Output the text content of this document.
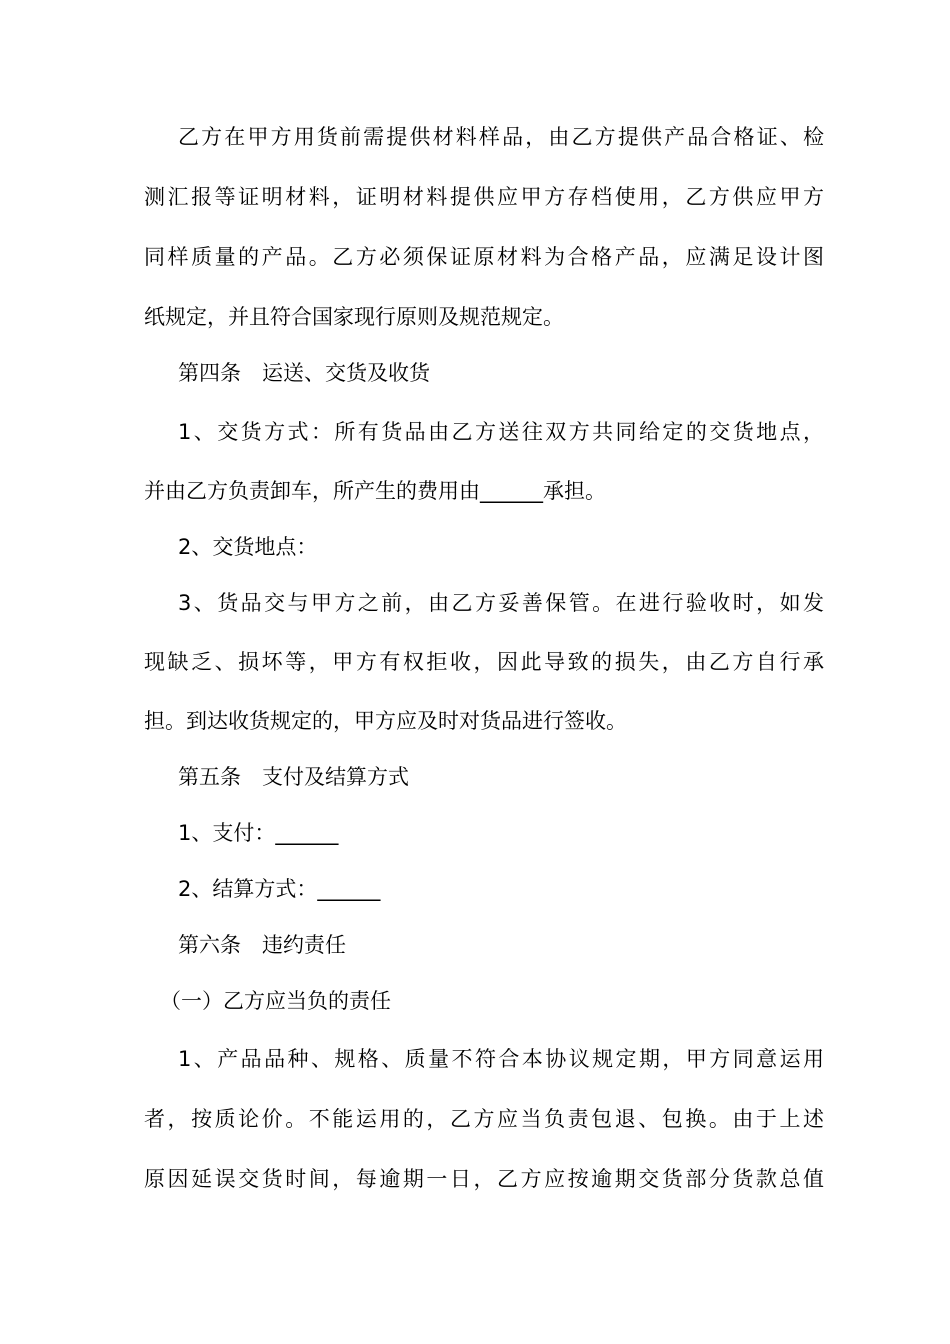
乙方在甲方用货前需提供材料样品，由乙方提供产品合格证、检
测汇报等证明材料，证明材料提供应甲方存档使用，乙方供应甲方
同样质量的产品。乙方必须保证原材料为合格产品，应满足设计图
纸规定，并且符合国家现行原则及规范规定。
第四条　运送、交货及收货
1、交货方式：所有货品由乙方送往双方共同给定的交货地点，
并由乙方负责卸车，所产生的费用由______承担。
2、交货地点：
3、货品交与甲方之前，由乙方妥善保管。在进行验收时，如发
现缺乏、损坏等，甲方有权拒收，因此导致的损失，由乙方自行承
担。到达收货规定的，甲方应及时对货品进行签收。
第五条　支付及结算方式
1、支付：______
2、结算方式：______
第六条　违约责任
（一）乙方应当负的责任
1、产品品种、规格、质量不符合本协议规定期，甲方同意运用
者，按质论价。不能运用的，乙方应当负责包退、包换。由于上述
原因延误交货时间，每逾期一日，乙方应按逾期交货部分货款总值
